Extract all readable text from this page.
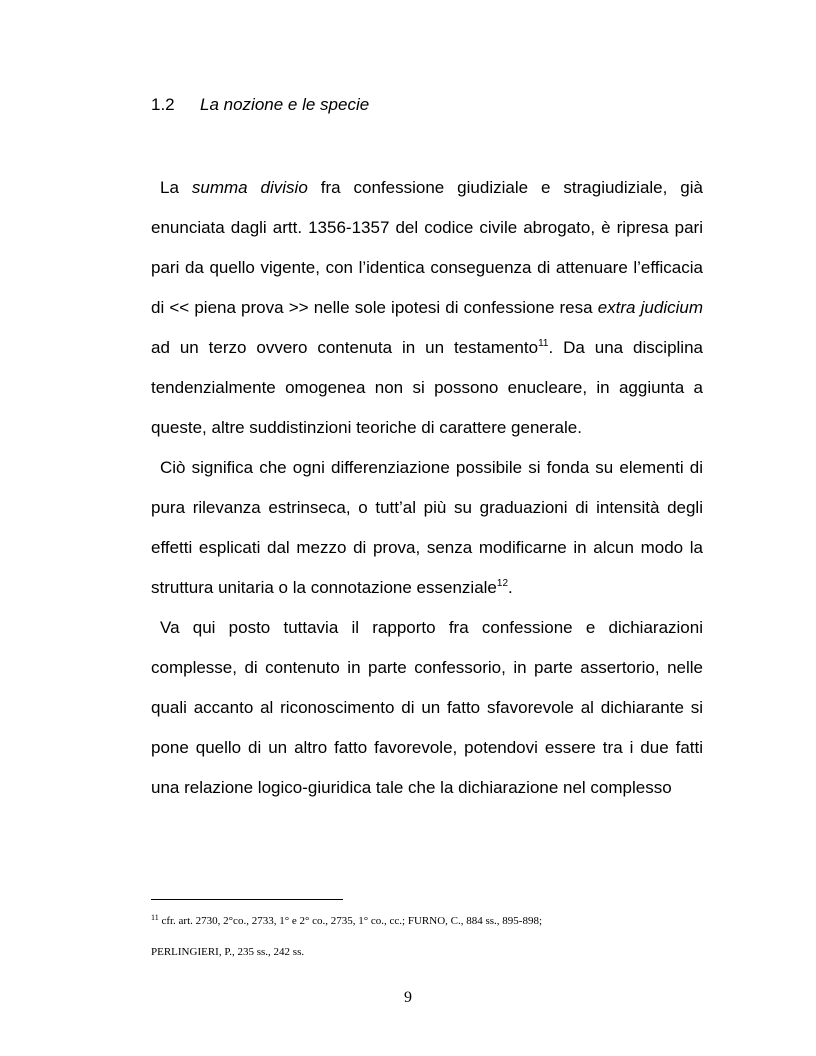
1.2 La nozione e le specie

La summa divisio fra confessione giudiziale e stragiudiziale, già enunciata dagli artt. 1356-1357 del codice civile abrogato, è ripresa pari pari da quello vigente, con l’identica conseguenza di attenuare l’efficacia di << piena prova >> nelle sole ipotesi di confessione resa extra judicium ad un terzo ovvero contenuta in un testamento$^{11}$. Da una disciplina tendenzialmente omogenea non si possono enucleare, in aggiunta a queste, altre suddistinzioni teoriche di carattere generale.

Ciò significa che ogni differenziazione possibile si fonda su elementi di pura rilevanza estrinseca, o tutt’al più su graduazioni di intensità degli effetti esplicati dal mezzo di prova, senza modificarne in alcun modo la struttura unitaria o la connotazione essenziale$^{12}$.

Va qui posto tuttavia il rapporto fra confessione e dichiarazioni complesse, di contenuto in parte confessorio, in parte assertorio, nelle quali accanto al riconoscimento di un fatto sfavorevole al dichiarante si pone quello di un altro fatto favorevole, potendovi essere tra i due fatti una relazione logico-giuridica tale che la dichiarazione nel complesso

$^{11}$ cfr. art. 2730, 2°co., 2733, 1° e 2° co., 2735, 1° co., cc.; FURNO, C., 884 ss., 895-898;
PERLINGIERI, P., 235 ss., 242 ss.
9
